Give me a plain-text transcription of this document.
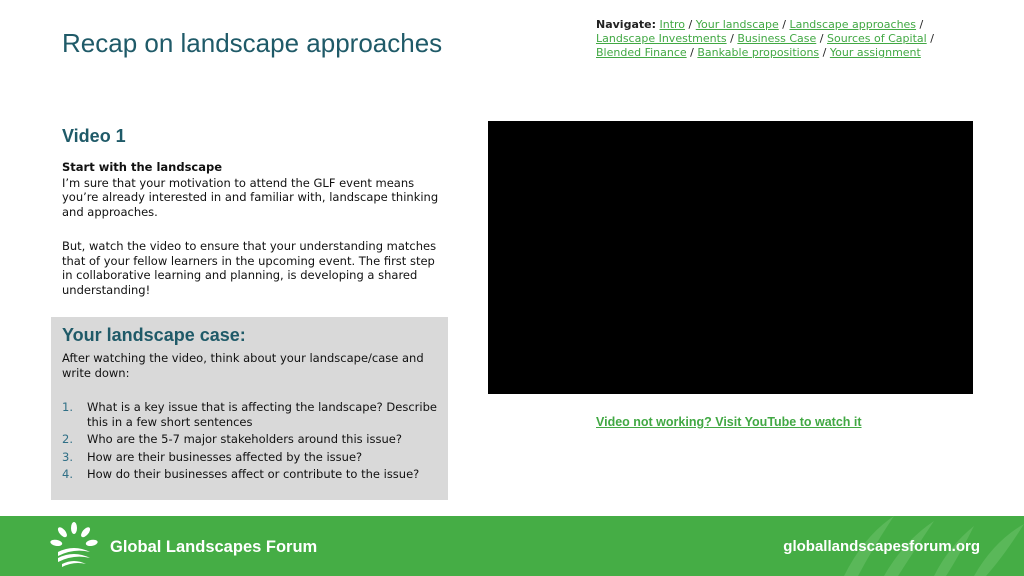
Recap on landscape approaches
Navigate: Intro / Your landscape / Landscape approaches /
Landscape Investments / Business Case / Sources of Capital /
Blended Finance / Bankable propositions / Your assignment
Video 1

Start with the landscape

I’m sure that your motivation to attend the GLF event means you’re already interested in and familiar with, landscape thinking and approaches.

But, watch the video to ensure that your understanding matches that of your fellow learners in the upcoming event. The first step in collaborative learning and planning, is developing a shared understanding!

Your landscape case:

After watching the video, think about your landscape/case and write down:

1. What is a key issue that is affecting the landscape? Describe this in a few short sentences
2. Who are the 5-7 major stakeholders around this issue?
3. How are their businesses affected by the issue?
4. How do their businesses affect or contribute to the issue?
Video not working? Visit YouTube to watch it
Global Landscapes Forum	globallandscapesforum.org
